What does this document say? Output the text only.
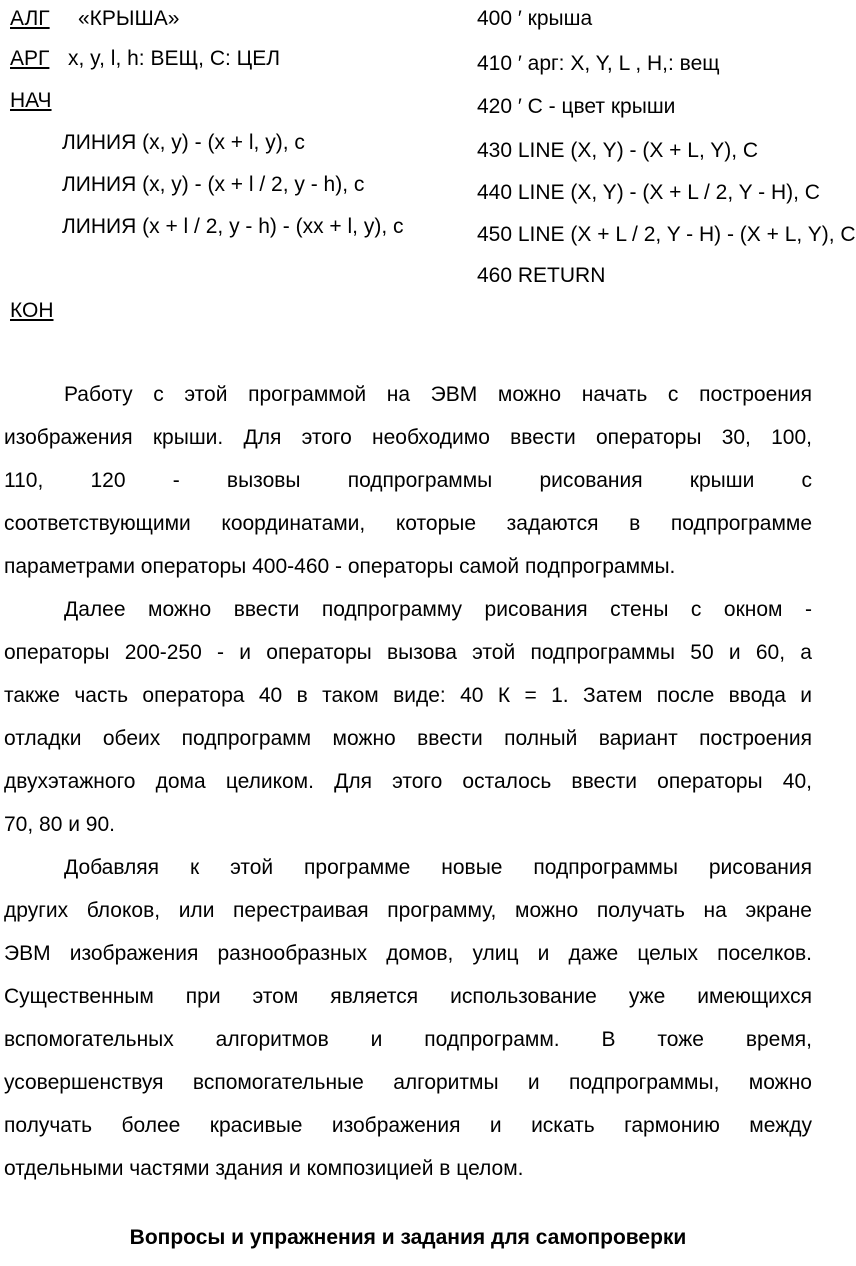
АЛГ «КРЫША»
АРГ x, y, l, h: ВЕЩ, С: ЦЕЛ
НАЧ
ЛИНИЯ (x, y) - (x + l, y), c
ЛИНИЯ (x, y) - (x + l / 2, y - h), c
ЛИНИЯ (x + l / 2, y - h) - (xx + l, y), c
КОН
400 ′ крыша
410 ′ арг: X, Y, L , H,: вещ
420 ′ C - цвет крыши
430 LINE (X, Y) - (X + L, Y), C
440 LINE (X, Y) - (X + L / 2, Y - H), C
450 LINE (X + L / 2, Y - H) - (X + L, Y), C
460 RETURN
Работу с этой программой на ЭВМ можно начать с построения
изображения крыши. Для этого необходимо ввести операторы 30, 100,
110, 120 - вызовы подпрограммы рисования крыши с
соответствующими координатами, которые задаются в подпрограмме
параметрами операторы 400-460 - операторы самой подпрограммы.
Далее можно ввести подпрограмму рисования стены с окном -
операторы 200-250 - и операторы вызова этой подпрограммы 50 и 60, а
также часть оператора 40 в таком виде: 40 К = 1. Затем после ввода и
отладки обеих подпрограмм можно ввести полный вариант построения
двухэтажного дома целиком. Для этого осталось ввести операторы 40,
70, 80 и 90.
Добавляя к этой программе новые подпрограммы рисования
других блоков, или перестраивая программу, можно получать на экране
ЭВМ изображения разнообразных домов, улиц и даже целых поселков.
Существенным при этом является использование уже имеющихся
вспомогательных алгоритмов и подпрограмм. В тоже время,
усовершенствуя вспомогательные алгоритмы и подпрограммы, можно
получать более красивые изображения и искать гармонию между
отдельными частями здания и композицией в целом.
Вопросы и упражнения и задания для самопроверки
